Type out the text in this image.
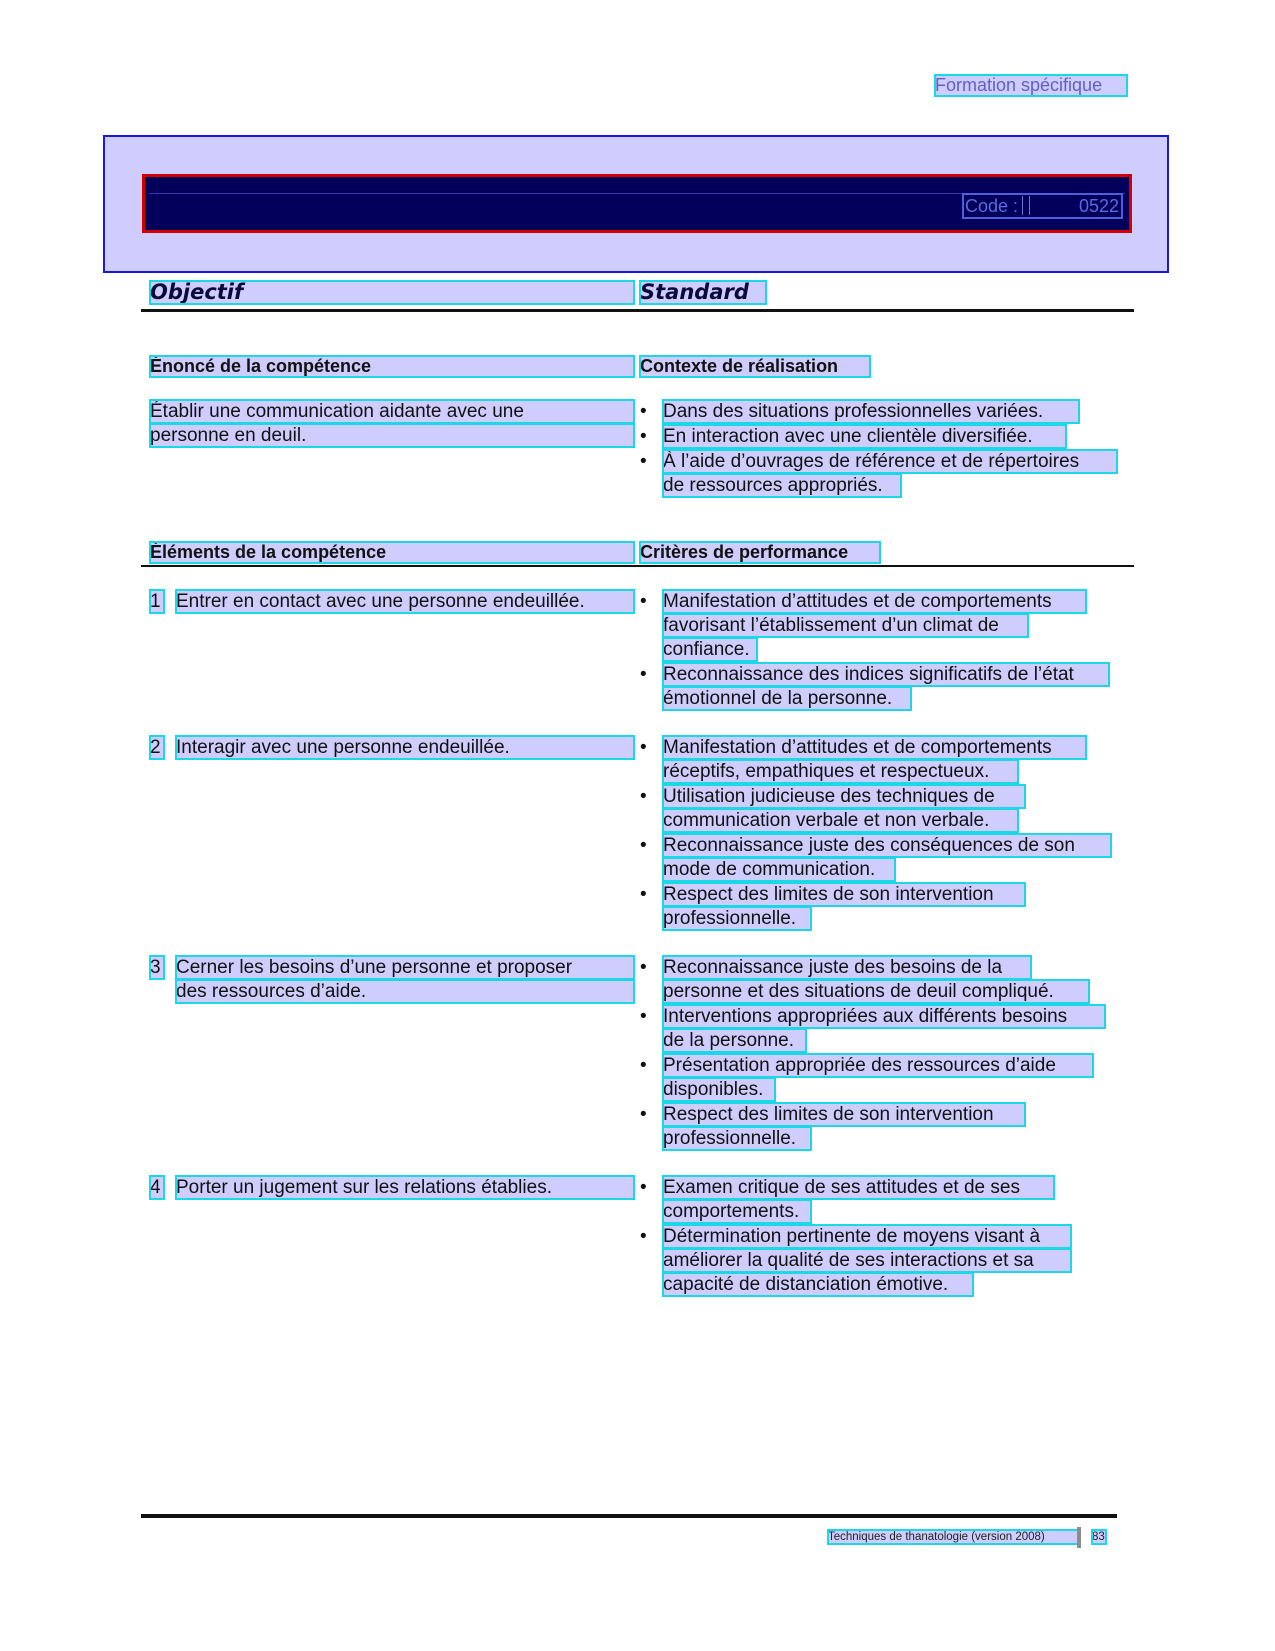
Formation spécifique
Code :	0522
Objectif	Standard
Énoncé de la compétence	Contexte de réalisation
Établir une communication aidante avec une
personne en deuil.
• Dans des situations professionnelles variées.
• En interaction avec une clientèle diversifiée.
• À l’aide d’ouvrages de référence et de répertoires
de ressources appropriés.
Éléments de la compétence	Critères de performance
1 Entrer en contact avec une personne endeuillée.	• Manifestation d’attitudes et de comportements
favorisant l’établissement d’un climat de
confiance.
• Reconnaissance des indices significatifs de l’état
émotionnel de la personne.
2 Interagir avec une personne endeuillée.	• Manifestation d’attitudes et de comportements
réceptifs, empathiques et respectueux.
• Utilisation judicieuse des techniques de
communication verbale et non verbale.
• Reconnaissance juste des conséquences de son
mode de communication.
• Respect des limites de son intervention
professionnelle.
3 Cerner les besoins d’une personne et proposer
des ressources d’aide.
• Reconnaissance juste des besoins de la
personne et des situations de deuil compliqué.
• Interventions appropriées aux différents besoins
de la personne.
• Présentation appropriée des ressources d’aide
disponibles.
• Respect des limites de son intervention
professionnelle.
4 Porter un jugement sur les relations établies.	• Examen critique de ses attitudes et de ses
comportements.
• Détermination pertinente de moyens visant à
améliorer la qualité de ses interactions et sa
capacité de distanciation émotive.
Techniques de thanatologie (version 2008)	83
